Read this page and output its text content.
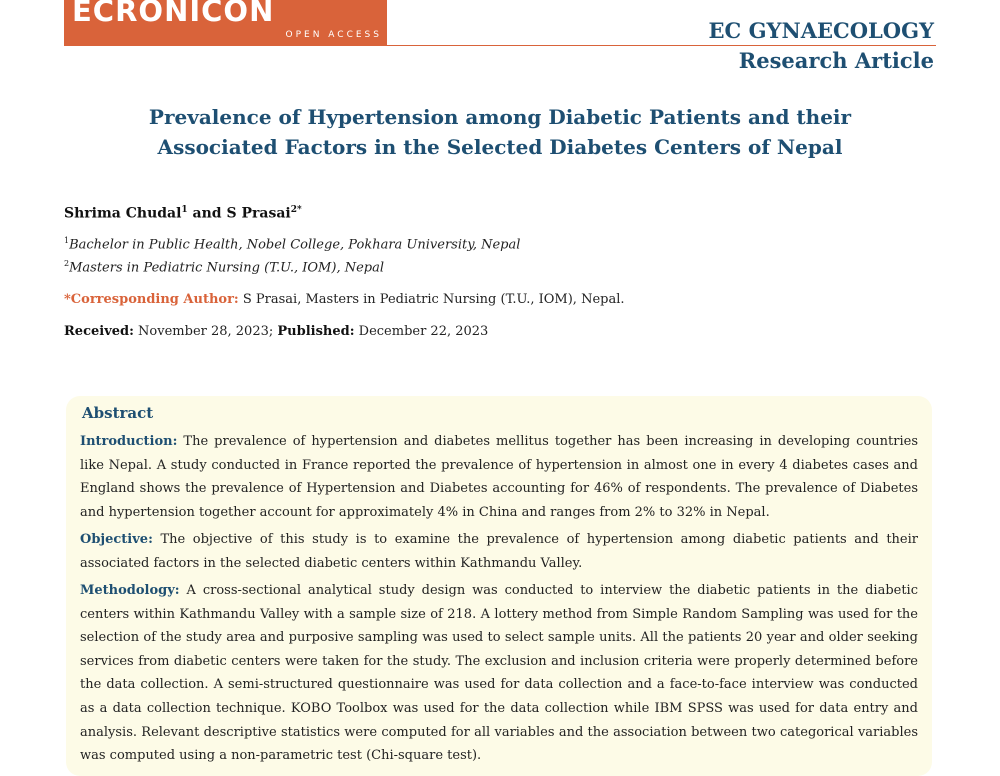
ECRONICON
OPEN ACCESS	EC GYNAECOLOGY
Research Article
Prevalence of Hypertension among Diabetic Patients and their
Associated Factors in the Selected Diabetes Centers of Nepal
Shrima Chudal$^1$ and S Prasai$^{2*}$
$^1$Bachelor in Public Health, Nobel College, Pokhara University, Nepal
$^2$Masters in Pediatric Nursing (T.U., IOM), Nepal
*Corresponding Author: S Prasai, Masters in Pediatric Nursing (T.U., IOM), Nepal.
Received: November 28, 2023; Published: December 22, 2023
Abstract

Introduction: The prevalence of hypertension and diabetes mellitus together has been increasing in developing countries like Nepal. A study conducted in France reported the prevalence of hypertension in almost one in every 4 diabetes cases and England shows the prevalence of Hypertension and Diabetes accounting for 46% of respondents. The prevalence of Diabetes and hypertension together account for approximately 4% in China and ranges from 2% to 32% in Nepal.

Objective: The objective of this study is to examine the prevalence of hypertension among diabetic patients and their associated factors in the selected diabetic centers within Kathmandu Valley.

Methodology: A cross-sectional analytical study design was conducted to interview the diabetic patients in the diabetic centers within Kathmandu Valley with a sample size of 218. A lottery method from Simple Random Sampling was used for the selection of the study area and purposive sampling was used to select sample units. All the patients 20 year and older seeking services from diabetic centers were taken for the study. The exclusion and inclusion criteria were properly determined before the data collection. A semi-structured questionnaire was used for data collection and a face-to-face interview was conducted as a data collection technique. KOBO Toolbox was used for the data collection while IBM SPSS was used for data entry and analysis. Relevant descriptive statistics were computed for all variables and the association between two categorical variables was computed using a non-parametric test (Chi-square test).
